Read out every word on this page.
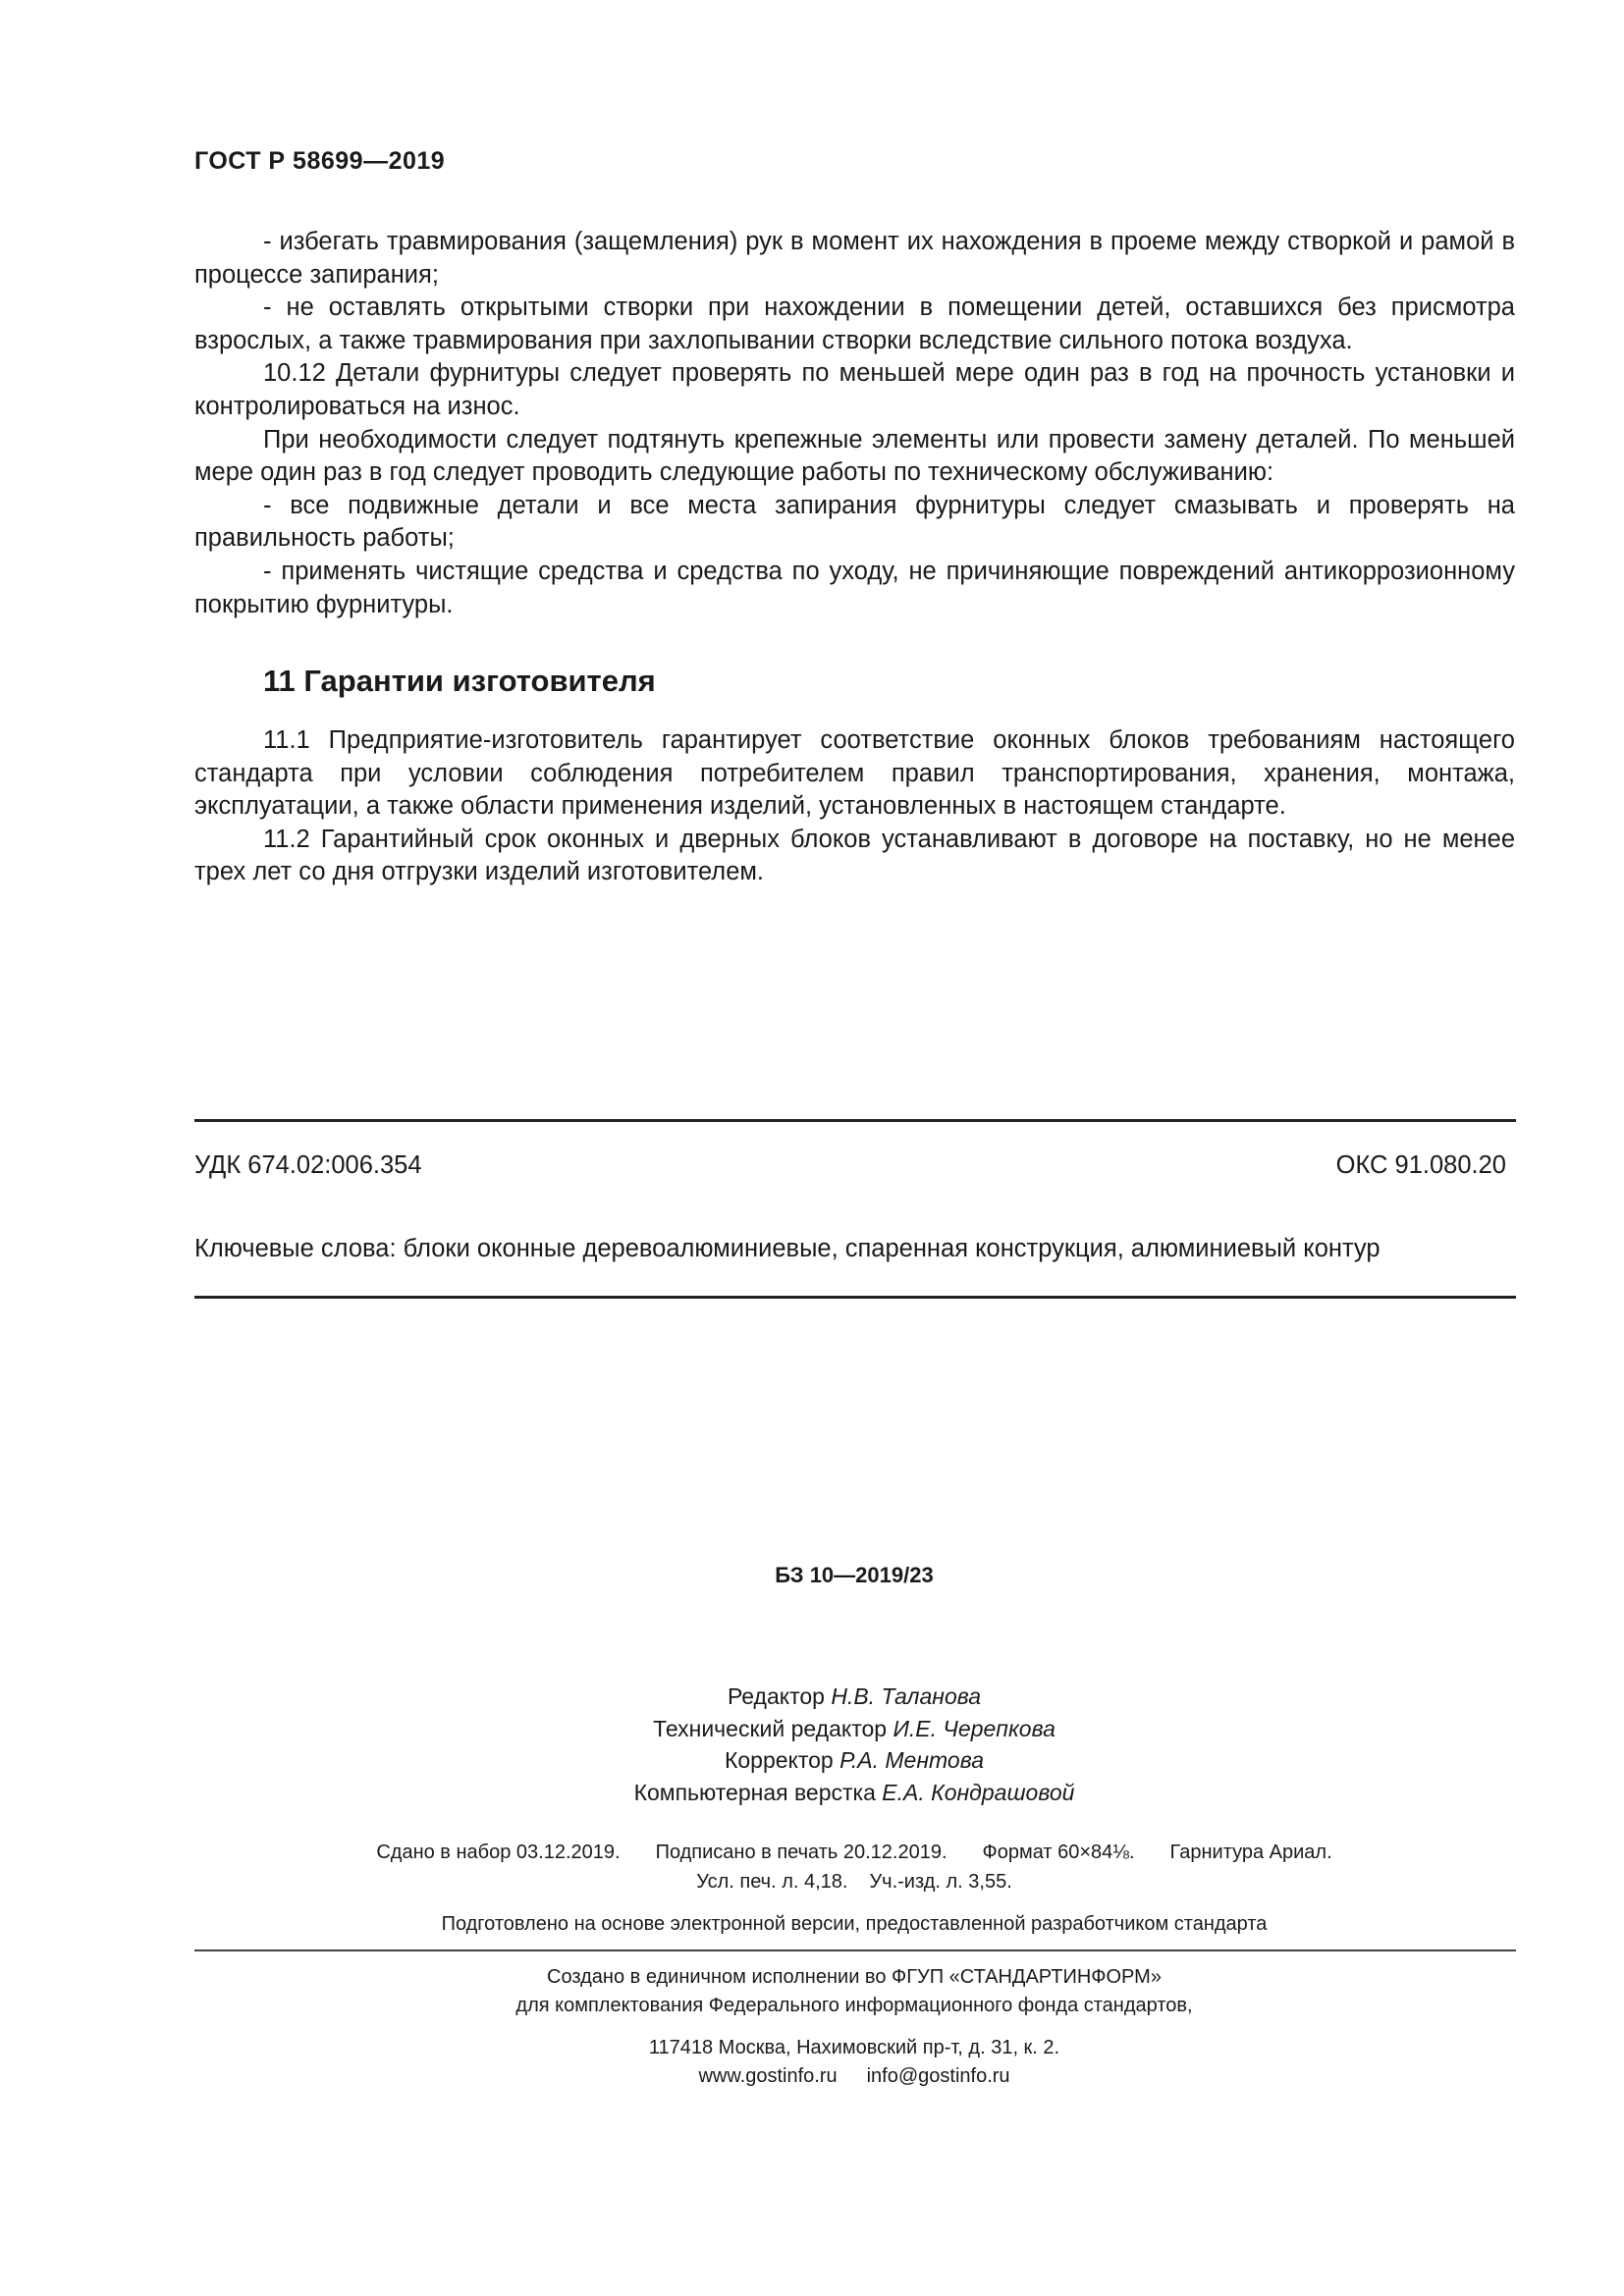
ГОСТ Р 58699—2019

- избегать травмирования (защемления) рук в момент их нахождения в проеме между створкой и рамой в процессе запирания;

- не оставлять открытыми створки при нахождении в помещении детей, оставшихся без присмотра взрослых, а также травмирования при захлопывании створки вследствие сильного потока воздуха.

10.12 Детали фурнитуры следует проверять по меньшей мере один раз в год на прочность установки и контролироваться на износ.

При необходимости следует подтянуть крепежные элементы или провести замену деталей. По меньшей мере один раз в год следует проводить следующие работы по техническому обслуживанию:

- все подвижные детали и все места запирания фурнитуры следует смазывать и проверять на правильность работы;

- применять чистящие средства и средства по уходу, не причиняющие повреждений антикоррозионному покрытию фурнитуры.

11 Гарантии изготовителя

11.1 Предприятие-изготовитель гарантирует соответствие оконных блоков требованиям настоящего стандарта при условии соблюдения потребителем правил транспортирования, хранения, монтажа, эксплуатации, а также области применения изделий, установленных в настоящем стандарте.

11.2 Гарантийный срок оконных и дверных блоков устанавливают в договоре на поставку, но не менее трех лет со дня отгрузки изделий изготовителем.

УДК 674.02:006.354	ОКС 91.080.20
Ключевые слова: блоки оконные деревоалюминиевые, спаренная конструкция, алюминиевый контур
БЗ 10—2019/23
Редактор Н.В. Таланова
Технический редактор И.Е. Черепкова
Корректор Р.А. Ментова
Компьютерная верстка Е.А. Кондрашовой
Сдано в набор 03.12.2019. Подписано в печать 20.12.2019. Формат 60×84⅛. Гарнитура Ариал.
Усл. печ. л. 4,18. Уч.-изд. л. 3,55.
Подготовлено на основе электронной версии, предоставленной разработчиком стандарта
Создано в единичном исполнении во ФГУП «СТАНДАРТИНФОРМ»
для комплектования Федерального информационного фонда стандартов,
117418 Москва, Нахимовский пр-т, д. 31, к. 2.
www.gostinfo.ru info@gostinfo.ru
